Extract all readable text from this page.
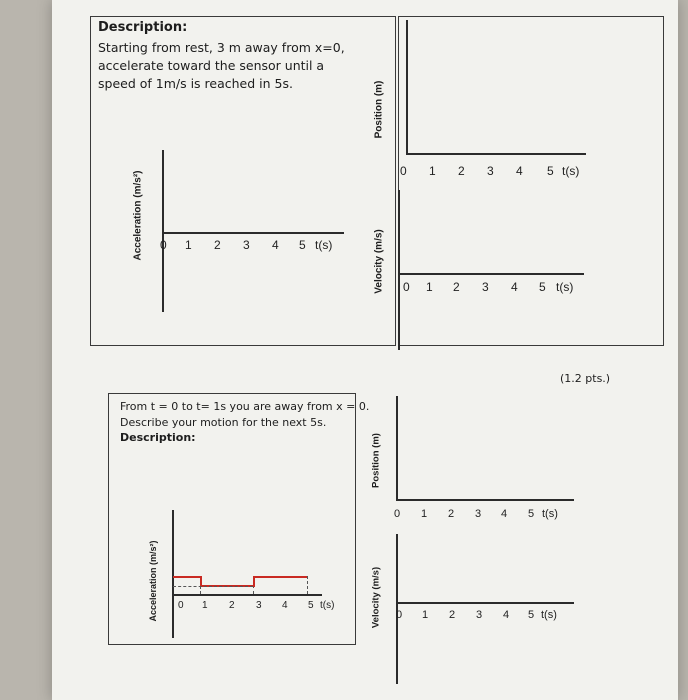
Description:
Starting from rest, 3 m away from x=0,
accelerate toward the sensor until a
speed of 1m/s is reached in 5s.
Acceleration (m/s²) 0 1 2 3 4 5 t(s)
Position (m)
0 1 2 3 4 5 t(s)
Velocity (m/s) 0 1 2 3 4 5 t(s)
(1.2 pts.)
From t = 0 to t= 1s you are away from x = 0.
Describe your motion for the next 5s.
Description:
Acceleration (m/s²) 0 1 2 3 4 5 t(s)
Position (m)
0 1 2 3 4 5 t(s)
Velocity (m/s) 0 1 2 3 4 5 t(s)
